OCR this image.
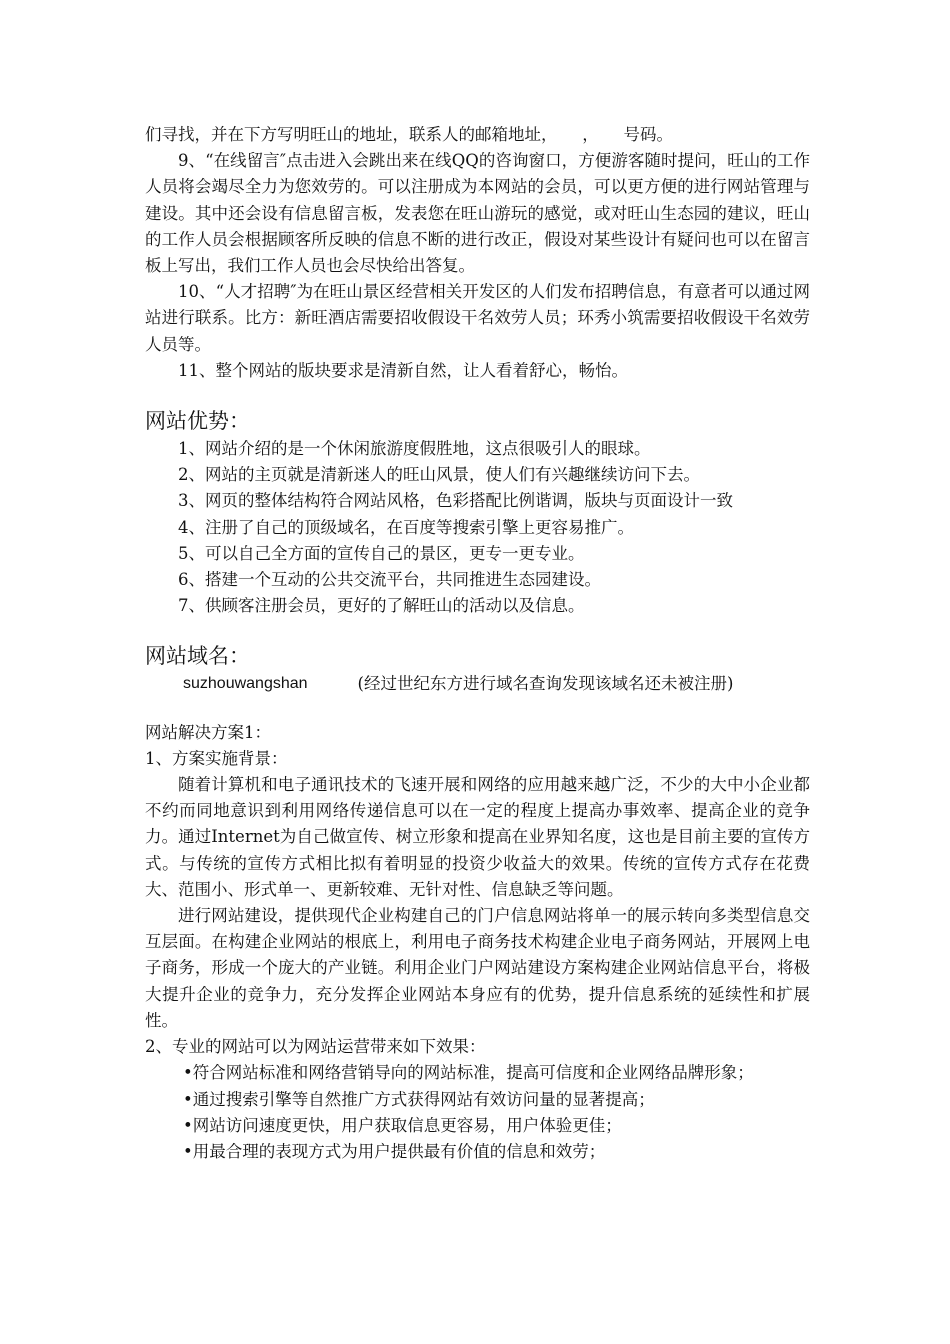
们寻找，并在下方写明旺山的地址，联系人的邮箱地址，　　，　　号码。

9、“在线留言″点击进入会跳出来在线QQ的咨询窗口，方便游客随时提问，旺山的工作人员将会竭尽全力为您效劳的。可以注册成为本网站的会员，可以更方便的进行网站管理与建设。其中还会设有信息留言板，发表您在旺山游玩的感觉，或对旺山生态园的建议，旺山的工作人员会根据顾客所反映的信息不断的进行改正，假设对某些设计有疑问也可以在留言板上写出，我们工作人员也会尽快给出答复。

10、“人才招聘″为在旺山景区经营相关开发区的人们发布招聘信息，有意者可以通过网站进行联系。比方：新旺酒店需要招收假设干名效劳人员；环秀小筑需要招收假设干名效劳人员等。

11、整个网站的版块要求是清新自然，让人看着舒心，畅怡。

网站优势：

1、网站介绍的是一个休闲旅游度假胜地，这点很吸引人的眼球。

2、网站的主页就是清新迷人的旺山风景，使人们有兴趣继续访问下去。

3、网页的整体结构符合网站风格，色彩搭配比例谐调，版块与页面设计一致

4、注册了自己的顶级域名，在百度等搜索引擎上更容易推广。

5、可以自己全方面的宣传自己的景区，更专一更专业。

6、搭建一个互动的公共交流平台，共同推进生态园建设。

7、供顾客注册会员，更好的了解旺山的活动以及信息。

网站域名：

suzhouwangshan	(经过世纪东方进行域名查询发现该域名还未被注册)

网站解决方案1：

1、方案实施背景：

随着计算机和电子通讯技术的飞速开展和网络的应用越来越广泛，不少的大中小企业都不约而同地意识到利用网络传递信息可以在一定的程度上提高办事效率、提高企业的竞争力。通过Internet为自己做宣传、树立形象和提高在业界知名度，这也是目前主要的宣传方式。与传统的宣传方式相比拟有着明显的投资少收益大的效果。传统的宣传方式存在花费大、范围小、形式单一、更新较难、无针对性、信息缺乏等问题。

进行网站建设，提供现代企业构建自己的门户信息网站将单一的展示转向多类型信息交互层面。在构建企业网站的根底上，利用电子商务技术构建企业电子商务网站，开展网上电子商务，形成一个庞大的产业链。利用企业门户网站建设方案构建企业网站信息平台，将极大提升企业的竞争力，充分发挥企业网站本身应有的优势，提升信息系统的延续性和扩展性。

2、专业的网站可以为网站运营带来如下效果：

•符合网站标准和网络营销导向的网站标准，提高可信度和企业网络品牌形象；

•通过搜索引擎等自然推广方式获得网站有效访问量的显著提高；

•网站访问速度更快，用户获取信息更容易，用户体验更佳；

•用最合理的表现方式为用户提供最有价值的信息和效劳；
